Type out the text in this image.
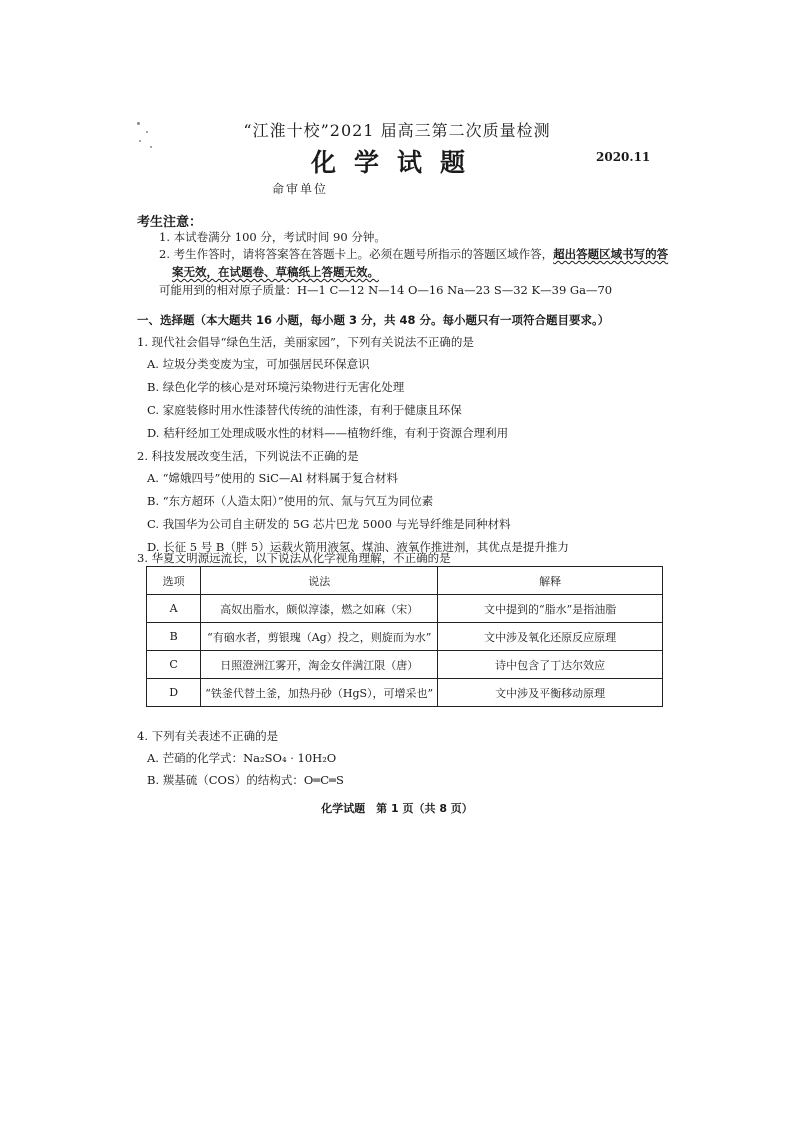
“江淮十校”2021 届高三第二次质量检测
化学试题	2020.11
命审单位
考生注意：
1. 本试卷满分 100 分，考试时间 90 分钟。
2. 考生作答时，请将答案答在答题卡上。必须在题号所指示的答题区域作答，超出答题区域书写的答
案无效，在试题卷、草稿纸上答题无效。
可能用到的相对原子质量：H—1 C—12 N—14 O—16 Na—23 S—32 K—39 Ga—70
一、选择题（本大题共 16 小题，每小题 3 分，共 48 分。每小题只有一项符合题目要求。）
1. 现代社会倡导“绿色生活，美丽家园”，下列有关说法不正确的是
A. 垃圾分类变废为宝，可加强居民环保意识
B. 绿色化学的核心是对环境污染物进行无害化处理
C. 家庭装修时用水性漆替代传统的油性漆，有利于健康且环保
D. 秸秆经加工处理成吸水性的材料——植物纤维，有利于资源合理利用
2. 科技发展改变生活，下列说法不正确的是
A. “嫦娥四号”使用的 SiC—Al 材料属于复合材料
B. “东方超环（人造太阳）”使用的氘、氚与氕互为同位素
C. 我国华为公司自主研发的 5G 芯片巴龙 5000 与光导纤维是同种材料
D. 长征 5 号 B（胖 5）运载火箭用液氢、煤油、液氧作推进剂，其优点是提升推力
3. 华夏文明源远流长，以下说法从化学视角理解，不正确的是
选项	说法	解释
A	高奴出脂水，颇似淳漆，燃之如麻（宋）	文中提到的“脂水”是指油脂
B	“有硇水者，剪银瑰（Ag）投之，则旋而为水”	文中涉及氧化还原反应原理
C	日照澄洲江雾开，淘金女伴满江限（唐）	诗中包含了丁达尔效应
D	“铁釜代替土釜，加热丹砂（HgS），可增采也”	文中涉及平衡移动原理
4. 下列有关表述不正确的是
A. 芒硝的化学式：Na₂SO₄ · 10H₂O
B. 羰基硫（COS）的结构式：O═C═S
化学试题　第 1 页（共 8 页）
